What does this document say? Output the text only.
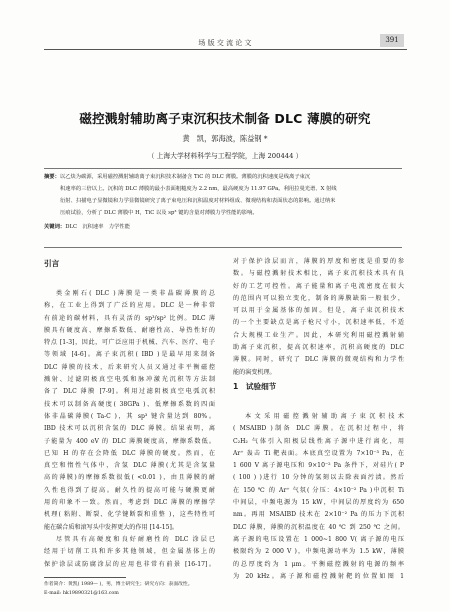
场 版 交 流 论 文	391
磁控溅射辅助离子束沉积技术制备 DLC 薄膜的研究
黄　凯，郭海波，陈益钢 *
（ 上海大学材料科学与工程学院，上海 200444 ）
摘要：以乙炔为碳源，采用磁控溅射辅助离子束沉积技术制备含 TiC 的 DLC 薄膜。薄膜的沉积速度是线离子束沉
积速率的三倍以上。沉积的 DLC 薄膜的最小表面粗糙度为 2.2 nm，最高硬度为 11.97 GPa。利用拉曼光谱、X 射线
衍射、扫描电子显微镜和力学显微镜研究了离子束电压和沉积温度对材料组成、微观结构和表面状态的影响。通过纳米
压痕试验，分析了 DLC 薄膜中 H，TiC 以及 sp³ 键的含量对薄膜力学性能的影响。
关键词：DLC　沉积速率　力学性能
引言
类金刚石( DLC )薄膜是一类非晶碳薄膜的总
称，在工业上得到了广泛的应用。DLC 是一种非常
有前途的碳材料，具有灵活的 sp³/sp² 比例。DLC 薄
膜具有硬度高、摩擦系数低、耐磨性高、导热性好的
特点 [1-3]，因此，可广泛应用于机械、汽车、医疗、电子
等领域 [4-6]。离子束沉积( IBD )是最早用来制备
DLC 薄膜的技术，后来研究人员又通过非平衡磁控
溅射、过滤阴极真空电弧和脉冲激光沉积等方法制
备了 DLC 薄膜 [7-9]。利用过滤阴极真空电弧沉积
技术可以制备高硬度( 38GPa )、低摩擦系数的四面
体非晶碳薄膜( Ta-C )，其 sp³ 键含量达到 80%。
IBD 技术可以沉积含氢的 DLC 薄膜。结果表明，离
子能量为 400 eV 的 DLC 薄膜硬度高，摩擦系数低。
已知 H 的存在会降低 DLC 薄膜的硬度。然而，在
真空和惰性气体中，含氢 DLC 薄膜(尤其是含氢量
高的薄膜)的摩擦系数很低( <0.01 )，由且薄膜的耐
久性也得到了提高。耐久性的提高可能与硬膜更耐
用的印象不一致。然而，考虑到 DLC 薄膜的摩擦学
机理( 粘附、断裂、化学键断裂和重整 )，这些特性可
能在碳合质和滚写头中发挥更大的作用 [14-15]。
尽管具有高硬度和良好耐磨性的 DLC 涂层已
经用于切削工具和许多其他领域，但金属基体上的
保护涂层或防腐涂层的应用也非常有前景 [16-17]。
作者简介：黄凯( 1989— )，男，博士研究生；研究方向：表面改性。
E-mail: hk19890321@163.com
对于保护涂层而言，薄膜的厚度和密度是重要的参
数。与磁控溅射技术相比，离子束沉积技术具有良
好的工艺可控性。离子能量和离子电流密度在很大
的范围内可以独立变化，制备的薄膜缺陷一般很少，
可以用于金属基体的加固。但是，离子束沉积技术
的一个主要缺点是离子枪尺寸小，沉积速率低，不适
合大规模工业生产。因此，本研究利用磁控溅射辅
助离子束沉积，提高沉积速率，沉积高硬度的 DLC
薄膜。同时，研究了 DLC 薄膜的微观结构和力学性
能的演变机理。
1　试验细节
本文采用磁控溅射辅助离子束沉积技术
( MSAIBD )制备 DLC 薄膜。在沉积过程中，将
C₂H₂ 气体引入阳极层线性离子源中进行离化，用
Ar⁺ 轰击 Ti 靶表面。本底真空设置为 7×10⁻³ Pa，在
1 600 V 离子源电压和 9×10⁻² Pa 条件下，对硅片( P
( 100 ) )进行 10 分钟的氢刻以去除表面污渍。然后
在 150 ℃ 的 Ar⁺ 气氛( 分压：4×10⁻² Pa )中沉积 Ti
中间层，中频电源为 15 kW，中间层的厚度约为 650
nm。再用 MSAIBD 技术在 2×10⁻² Pa 的压力下沉积
DLC 薄膜，薄膜的沉积温度在 40 ℃ 到 250 ℃ 之间。
离子源的电压设置在 1 000~1 800 V( 离子源的电压
极限约为 2 000 V )，中频电源功率为 1.5 kW，薄膜
的总厚度约为 1 μm。平衡磁控溅射的电源的频率
为 20 kHz。离子源和磁控溅射靶的位置如图 1
